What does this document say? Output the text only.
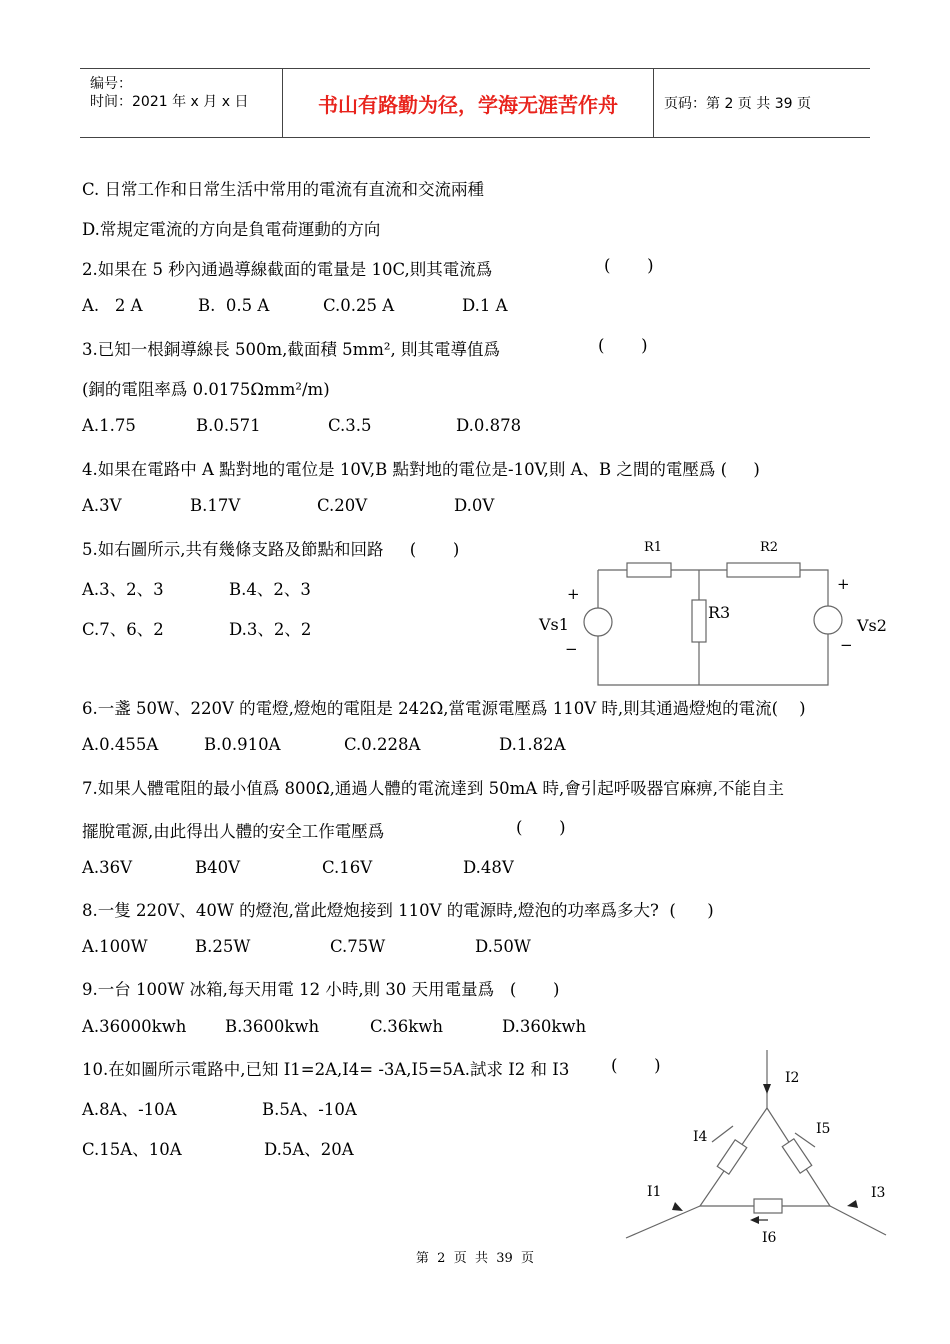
编号：
时间：2021 年 x 月 x 日	书山有路勤为径，学海无涯苦作舟	页码：第 2 页 共 39 页
C. 日常工作和日常生活中常用的電流有直流和交流兩種
D.常規定電流的方向是負電荷運動的方向
2.如果在 5 秒內通過導線截面的電量是 10C,則其電流爲	(       )
A.   2 A	B.  0.5 A	C.0.25 A	D.1 A
3.已知一根銅導線長 500m,截面積 5mm², 則其電導值爲	(       )
(銅的電阻率爲 0.0175Ωmm²/m)
A.1.75	B.0.571	C.3.5	D.0.878
4.如果在電路中 A 點對地的電位是 10V,B 點對地的電位是-10V,則 A、B 之間的電壓爲 (     )
A.3V	B.17V	C.20V	D.0V
5.如右圖所示,共有幾條支路及節點和回路     (       )
A.3、2、3	B.4、2、3
C.7、6、2	D.3、2、2
R1	R2
R3
Vs1	Vs2
+
−
+
−
6.一盞 50W、220V 的電燈,燈炮的電阻是 242Ω,當電源電壓爲 110V 時,則其通過燈炮的電流(    )
A.0.455A	B.0.910A	C.0.228A	D.1.82A
7.如果人體電阻的最小值爲 800Ω,通過人體的電流達到 50mA 時,會引起呼吸器官麻痹,不能自主
擺脫電源,由此得出人體的安全工作電壓爲	(       )
A.36V	B40V	C.16V	D.48V
8.一隻 220V、40W 的燈泡,當此燈炮接到 110V 的電源時,燈泡的功率爲多大?  (      )
A.100W	B.25W	C.75W	D.50W
9.一台 100W 冰箱,每天用電 12 小時,則 30 天用電量爲   (       )
A.36000kwh B.3600kwh	C.36kwh	D.360kwh
10.在如圖所示電路中,已知 I1=2A,I4= -3A,I5=5A.試求 I2 和 I3	(       )
A.8A、-10A	B.5A、-10A
C.15A、10A	D.5A、20A
I2
I4	I5
I1	I3
I6
第  2  页  共  39  页
